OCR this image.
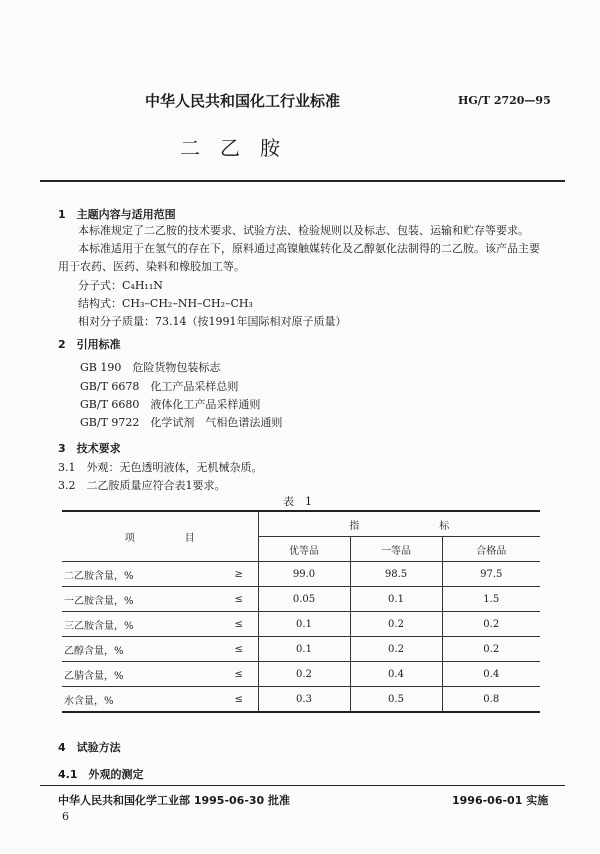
中华人民共和国化工行业标准	HG/T 2720—95
二　乙　胺
1　主题内容与适用范围
本标准规定了二乙胺的技术要求、试验方法、检验规则以及标志、包装、运输和贮存等要求。
本标准适用于在氢气的存在下，原料通过高镍触媒转化及乙醇氨化法制得的二乙胺。该产品主要
用于农药、医药、染料和橡胶加工等。
分子式：C₄H₁₁N
结构式：CH₃–CH₂–NH–CH₂–CH₃
相对分子质量：73.14（按1991年国际相对原子质量）
2　引用标准
GB 190　危险货物包装标志
GB/T 6678　化工产品采样总则
GB/T 6680　液体化工产品采样通则
GB/T 9722　化学试剂　气相色谱法通则
3　技术要求
3.1　外观：无色透明液体，无机械杂质。
3.2　二乙胺质量应符合表1要求。
表　1
项　　　　　目		指　　　　　　　　标		
		优等品	一等品	合格品
二乙胺含量，%	≥	99.0	98.5	97.5
一乙胺含量，%	≤	0.05	0.1	1.5
三乙胺含量，%	≤	0.1	0.2	0.2
乙醇含量，%	≤	0.1	0.2	0.2
乙腈含量，%	≤	0.2	0.4	0.4
水含量，%	≤	0.3	0.5	0.8
4　试验方法
4.1　外观的测定
中华人民共和国化学工业部 1995-06-30 批准	1996-06-01 实施
6
